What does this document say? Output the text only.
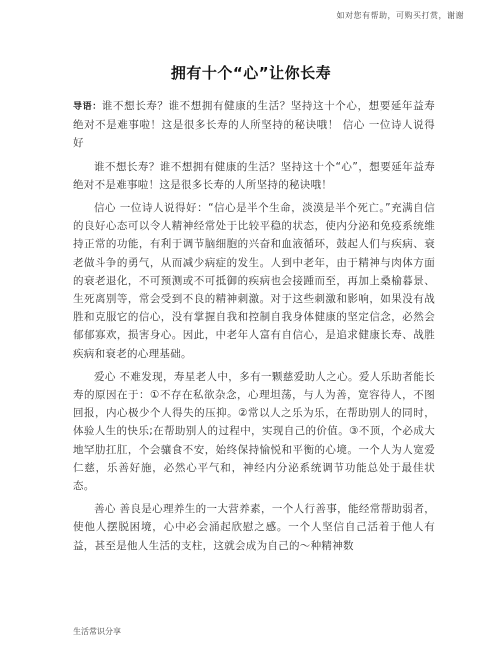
如对您有帮助，可购买打赏，谢谢
拥有十个“心”让你长寿

导语：谁不想长寿？谁不想拥有健康的生活？坚持这十个心，想要延年益寿绝对不是难事啦！这是很多长寿的人所坚持的秘诀哦！ 信心 一位诗人说得好

谁不想长寿？谁不想拥有健康的生活？坚持这十个“心”，想要延年益寿绝对不是难事啦！这是很多长寿的人所坚持的秘诀哦！

信心 一位诗人说得好：“信心是半个生命，淡漠是半个死亡。”充满自信的良好心态可以令人精神经常处于比较平稳的状态，使内分泌和免疫系统维持正常的功能，有利于调节脑细胞的兴奋和血液循环，鼓起人们与疾病、衰老做斗争的勇气，从而减少病症的发生。人到中老年，由于精神与肉体方面的衰老退化，不可预测或不可抵御的疾病也会接踵而至，再加上桑榆暮景、生死离别等，常会受到不良的精神刺激。对于这些刺激和影响，如果没有战胜和克服它的信心，没有掌握自我和控制自我身体健康的坚定信念，必然会郁郁寡欢，损害身心。因此，中老年人富有自信心，是追求健康长寿、战胜疾病和衰老的心理基础。

爱心 不难发现，寿星老人中，多有一颗慈爱助人之心。爱人乐助者能长寿的原因在于：①不存在私欲杂念，心理坦荡，与人为善，宽容待人，不图回报，内心极少个人得失的压抑。②常以人之乐为乐，在帮助别人的同时，体验人生的快乐;在帮助别人的过程中，实现自己的价值。③不顶，个必成大地罕肋扛肛，个会骧食不安，始终保持愉悦和平衡的心境。一个人为人宽爱仁慈，乐善好施，必然心平气和，神经内分泌系统调节功能总处于最佳状态。

善心 善良是心理养生的一大营养素，一个人行善事，能经常帮助弱者，使他人摆脱困境，心中必会涌起欣慰之感。一个人坚信自己活着于他人有益，甚至是他人生活的支柱，这就会成为自己的～种精神数

生活常识分享
